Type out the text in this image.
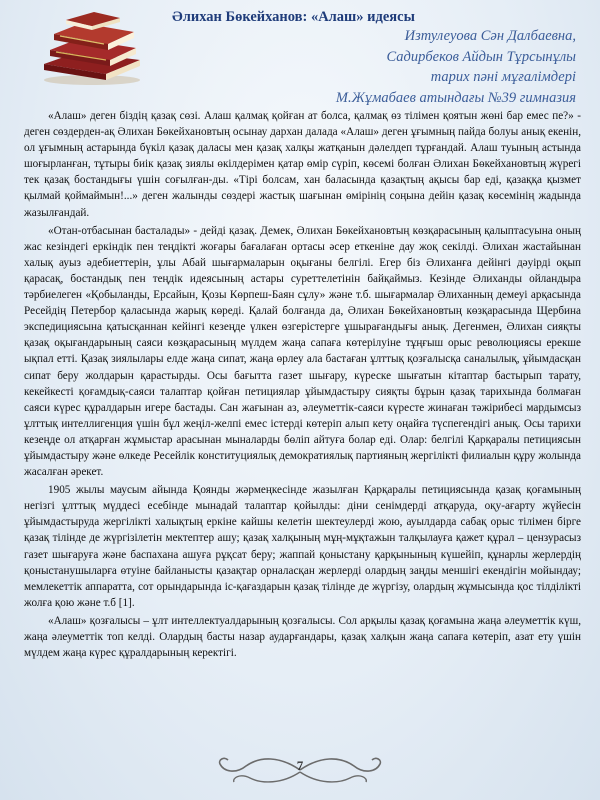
Әлихан Бөкейханов: «Алаш» идеясы
Изтулеуова Сән Далбаевна,
Садирбеков Айдын Тұрсынұлы
тарих пәні мұғалімдері
М.Жұмабаев атындағы №39 гимназия

«Алаш» деген біздің қазақ сөзі. Алаш қалмақ қойған ат болса, қалмақ өз тілімен қоятын жөні бар емес пе?» - деген сөздерден-ақ Әлихан Бөкейхановтың осынау дархан далада «Алаш» деген ұғымның пайда болуы анық екенін, ол ұғымның астарында бүкіл қазақ даласы мен қазақ халқы жатқанын дәлелдеп тұрғандай. Алаш туының астында шоғырланған, тұтыры биік қазақ зиялы өкілдерімен қатар өмір сүріп, көсемі болған Әлихан Бөкейхановтың жүрегі тек қазақ бостандығы үшін соғылған-ды. «Тірі болсам, хан баласында қазақтың ақысы бар еді, қазаққа қызмет қылмай қоймаймын!...» деген жалынды сөздері жастық шағынан өмірінің соңына дейін қазақ көсемінің жадында жазылғандай.

«Отан-отбасынан басталады» - дейді қазақ. Демек, Әлихан Бөкейхановтың көзқарасының қалыптасуына оның жас кезіндегі еркіндік пен теңдікті жоғары бағалаған ортасы әсер еткеніне дау жоқ секілді. Әлихан жастайынан халық ауыз әдебиеттерін, ұлы Абай шығармаларын оқығаны белгілі. Егер біз Әлиханға дейінгі дәуірді оқып қарасақ, бостандық пен теңдік идеясының астары суреттелетінін байқаймыз. Кезінде Әлиханды ойландыра тәрбиелеген «Қобыланды, Ерсайын, Қозы Көрпеш-Баян сұлу» және т.б. шығармалар Әлиханның демеуі арқасында Ресейдің Петербор қаласында жарық көреді. Қалай болғанда да, Әлихан Бөкейхановтың көзқарасында Щербина экспедициясына қатысқаннан кейінгі кезеңде үлкен өзгерістерге ұшырағандығы анық. Дегенмен, Әлихан сияқты қазақ оқығандарының саяси көзқарасының мүлдем жаңа сапаға көтерілуіне тұңғыш орыс революциясы ерекше ықпал етті. Қазақ зиялылары елде жаңа сипат, жаңа өрлеу ала бастаған ұлттық қозғалысқа саналылық, ұйымдасқан сипат беру жолдарын қарастырды. Осы бағытта газет шығару, күреске шығатын кітаптар бастырып тарату, кекейкесті қоғамдық-саяси талаптар қойған петициялар ұйымдастыру сияқты бұрын қазақ тарихында болмаған саяси күрес құралдарын игере бастады. Сан жағынан аз, әлеуметтік-саяси күресте жинаған тәжірибесі мардымсыз ұлттық интеллигенция үшін бұл жеңіл-желпі емес істерді көтеріп алып кету оңайға түспегендігі анық. Осы тарихи кезеңде ол атқарған жұмыстар арасынан мыналарды бөліп айтуға болар еді. Олар: белгілі Қарқаралы петициясын ұйымдастыру және өлкеде Ресейлік конституциялық демократиялық партияның жергілікті филиалын құру жолында жасалған әрекет.

1905 жылы маусым айында Қоянды жәрмеңкесінде жазылған Қарқаралы петициясында қазақ қоғамының негізгі ұлттық мүддесі есебінде мынадай талаптар қойылды: діни сенімдерді атқаруда, оқу-ағарту жүйесін ұйымдастыруда жергілікті халықтың еркіне кайшы келетін шектеулерді жою, ауылдарда сабақ орыс тілімен бірге қазақ тілінде де жүргізілетін мектептер ашу; қазақ халқының мұң-мұқтажын талқылауға қажет құрал – цензурасыз газет шығаруға және баспахана ашуға рұқсат беру; жаппай қоныстану қарқынының күшейіп, құнарлы жерлердің қоныстанушыларға өтуіне байланысты қазақтар орналасқан жерлерді олардың заңды меншігі екендігін мойындау; мемлекеттік аппаратта, сот орындарында іс-қағаздарын қазақ тілінде де жүргізу, олардың жұмысында қос тілділікті жолға қою және т.б [1].

«Алаш» қозғалысы – ұлт интеллектуалдарының қозғалысы. Сол арқылы қазақ қоғамына жаңа әлеуметтік күш, жаңа әлеуметтік топ келді. Олардың басты назар аударғандары, қазақ халқын жаңа сапаға көтеріп, азат ету үшін мүлдем жаңа күрес құралдарының керектігі.

7
